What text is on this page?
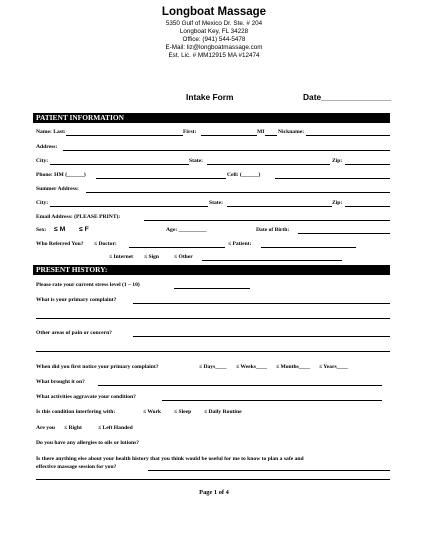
Longboat Massage
5350 Gulf of Mexico Dr. Ste. # 204
Longboat Key, FL 34228
Office: (941) 544-5478
E-Mail: liz@longboatmassage.com
Est. Lic. # MM12915 MA #12474
Intake Form	Date_______________
PATIENT INFORMATION
Name: Last:	First:	MI Nickname:
Address:
City:	State:	Zip:
Phone: HM (______)	Cell: (______)
Summer Address:
City:	State:	Zip:
Email Address: (PLEASE PRINT):
Sex: ≤ M ≤ F	Age: __________	Date of Birth:
Who Referred You? ≤ Doctor:	≤ Patient:
≤ Internet ≤ Sign	≤ Other
PRESENT HISTORY:
Please rate your current stress level (1 – 10)
What is your primary complaint?
Other areas of pain or concern?
When did you first notice your primary complaint?	≤ Days____ ≤ Weeks____ ≤ Months____ ≤ Years____
What brought it on?
What activities aggravate your condition?
Is this condition interfering with:	≤ Work ≤ Sleep ≤ Daily Routine
Are you ≤ Right	≤ Left Handed
Do you have any allergies to oils or lotions?
Is there anything else about your health history that you think would be useful for me to know to plan a safe and
effective massage session for you?
Page 1 of 4
